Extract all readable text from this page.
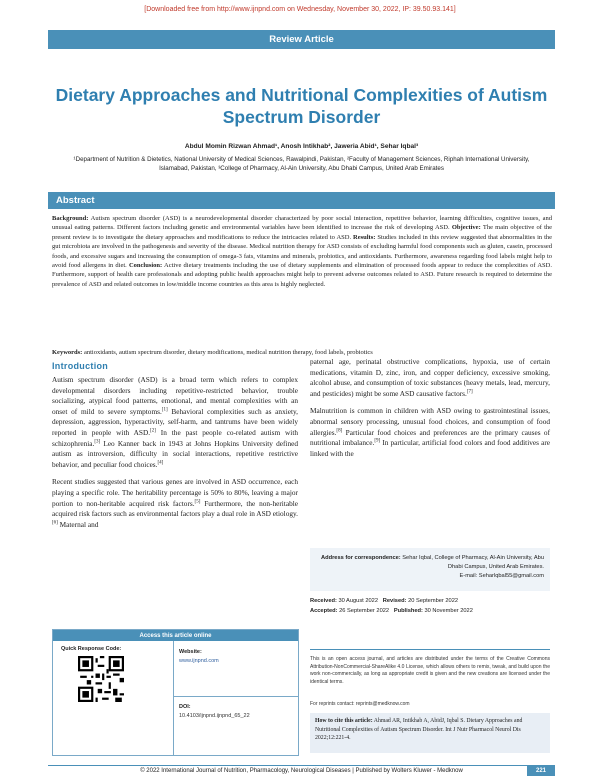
[Downloaded free from http://www.ijnpnd.com on Wednesday, November 30, 2022, IP: 39.50.93.141]
Review Article
Dietary Approaches and Nutritional Complexities of Autism Spectrum Disorder
Abdul Momin Rizwan Ahmad¹, Anosh Intikhab², Jaweria Abid¹, Sehar Iqbal³
¹Department of Nutrition & Dietetics, National University of Medical Sciences, Rawalpindi, Pakistan, ²Faculty of Management Sciences, Riphah International University, Islamabad, Pakistan, ³College of Pharmacy, Al-Ain University, Abu Dhabi Campus, United Arab Emirates
Abstract
Background: Autism spectrum disorder (ASD) is a neurodevelopmental disorder characterized by poor social interaction, repetitive behavior, learning difficulties, cognitive issues, and unusual eating patterns. Different factors including genetic and environmental variables have been identified to increase the risk of developing ASD. Objective: The main objective of the present review is to investigate the dietary approaches and modifications to reduce the intricacies related to ASD. Results: Studies included in this review suggested that abnormalities in the gut microbiota are involved in the pathogenesis and severity of the disease. Medical nutrition therapy for ASD consists of excluding harmful food components such as gluten, casein, processed foods, and excessive sugars and increasing the consumption of omega-3 fats, vitamins and minerals, probiotics, and antioxidants. Furthermore, awareness regarding food labels might help to avoid food allergens in diet. Conclusion: Active dietary treatments including the use of dietary supplements and elimination of processed foods appear to reduce the complexities of ASD. Furthermore, support of health care professionals and adopting public health approaches might help to prevent adverse outcomes related to ASD. Future research is required to determine the prevalence of ASD and related outcomes in low/middle income countries as this area is highly neglected.
Keywords: antioxidants, autism spectrum disorder, dietary modifications, medical nutrition therapy, food labels, probiotics
Introduction

Autism spectrum disorder (ASD) is a broad term which refers to complex developmental disorders including repetitive-restricted behavior, trouble socializing, atypical food patterns, emotional, and mental complexities with an onset of mild to severe symptoms.[1] Behavioral complexities such as anxiety, depression, aggression, hyperactivity, self-harm, and tantrums have been widely reported in people with ASD.[2] In the past people co-related autism with schizophrenia.[3] Leo Kanner back in 1943 at Johns Hopkins University defined autism as introversion, difficulty in social interactions, repetitive restrictive behavior, and peculiar food choices.[4]

Recent studies suggested that various genes are involved in ASD occurrence, each playing a specific role. The heritability percentage is 50% to 80%, leaving a major portion to non-heritable acquired risk factors.[5] Furthermore, the non-heritable acquired risk factors such as environmental factors play a dual role in ASD etiology.[6] Maternal and

paternal age, perinatal obstructive complications, hypoxia, use of certain medications, vitamin D, zinc, iron, and copper deficiency, excessive smoking, alcohol abuse, and consumption of toxic substances (heavy metals, lead, mercury, and pesticides) might be some ASD causative factors.[7]

Malnutrition is common in children with ASD owing to gastrointestinal issues, abnormal sensory processing, unusual food choices, and consumption of food allergies.[8] Particular food choices and preferences are the primary causes of nutritional imbalance.[9] In particular, artificial food colors and food additives are linked with the

Access this article online
Quick Response Code:	Website:
www.ijnpnd.com
DOI:
10.4103/ijnpnd.ijnpnd_65_22
Address for correspondence: Sehar Iqbal, College of Pharmacy, Al-Ain University, Abu Dhabi Campus, United Arab Emirates.
E-mail: Seharlqbal55@gmail.com
Received: 30 August 2022 Revised: 20 September 2022
Accepted: 26 September 2022 Published: 30 November 2022
This is an open access journal, and articles are distributed under the terms of the Creative Commons Attribution-NonCommercial-ShareAlike 4.0 License, which allows others to remix, tweak, and build upon the work non-commercially, as long as appropriate credit is given and the new creations are licensed under the identical terms.
For reprints contact: reprints@medknow.com
How to cite this article: Ahmad AR, Intikhab A, AbidJ, Iqbal S. Dietary Approaches and Nutritional Complexities of Autism Spectrum Disorder. Int J Nutr Pharmacol Neurol Dis 2022;12:221-4.
© 2022 International Journal of Nutrition, Pharmacology, Neurological Diseases | Published by Wolters Kluwer - Medknow	221
